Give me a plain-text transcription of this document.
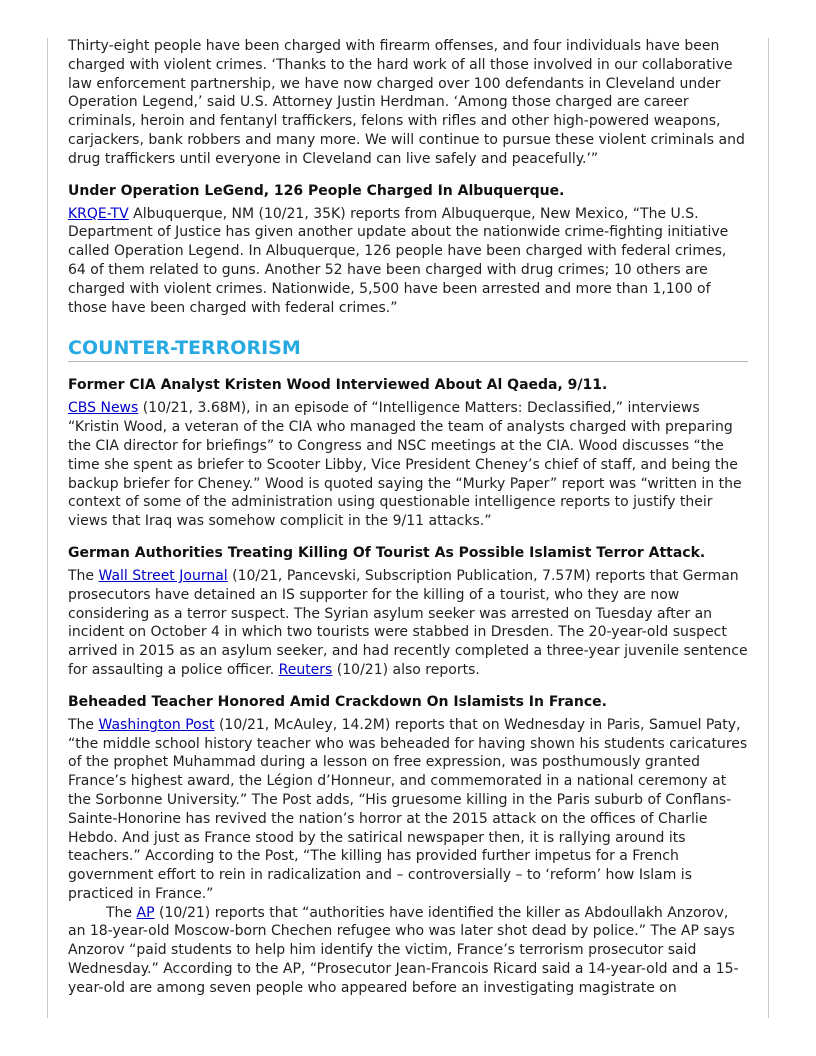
Thirty-eight people have been charged with firearm offenses, and four individuals have been charged with violent crimes. ‘Thanks to the hard work of all those involved in our collaborative law enforcement partnership, we have now charged over 100 defendants in Cleveland under Operation Legend,’ said U.S. Attorney Justin Herdman. ‘Among those charged are career criminals, heroin and fentanyl traffickers, felons with rifles and other high-powered weapons, carjackers, bank robbers and many more. We will continue to pursue these violent criminals and drug traffickers until everyone in Cleveland can live safely and peacefully.’”

Under Operation LeGend, 126 People Charged In Albuquerque.

KRQE-TV Albuquerque, NM (10/21, 35K) reports from Albuquerque, New Mexico, “The U.S. Department of Justice has given another update about the nationwide crime-fighting initiative called Operation Legend. In Albuquerque, 126 people have been charged with federal crimes, 64 of them related to guns. Another 52 have been charged with drug crimes; 10 others are charged with violent crimes. Nationwide, 5,500 have been arrested and more than 1,100 of those have been charged with federal crimes.”

COUNTER-TERRORISM
Former CIA Analyst Kristen Wood Interviewed About Al Qaeda, 9/11.

CBS News (10/21, 3.68M), in an episode of “Intelligence Matters: Declassified,” interviews “Kristin Wood, a veteran of the CIA who managed the team of analysts charged with preparing the CIA director for briefings” to Congress and NSC meetings at the CIA. Wood discusses “the time she spent as briefer to Scooter Libby, Vice President Cheney’s chief of staff, and being the backup briefer for Cheney.” Wood is quoted saying the “Murky Paper” report was “written in the context of some of the administration using questionable intelligence reports to justify their views that Iraq was somehow complicit in the 9/11 attacks.”

German Authorities Treating Killing Of Tourist As Possible Islamist Terror Attack.

The Wall Street Journal (10/21, Pancevski, Subscription Publication, 7.57M) reports that German prosecutors have detained an IS supporter for the killing of a tourist, who they are now considering as a terror suspect. The Syrian asylum seeker was arrested on Tuesday after an incident on October 4 in which two tourists were stabbed in Dresden. The 20-year-old suspect arrived in 2015 as an asylum seeker, and had recently completed a three-year juvenile sentence for assaulting a police officer. Reuters (10/21) also reports.

Beheaded Teacher Honored Amid Crackdown On Islamists In France.

The Washington Post (10/21, McAuley, 14.2M) reports that on Wednesday in Paris, Samuel Paty, “the middle school history teacher who was beheaded for having shown his students caricatures of the prophet Muhammad during a lesson on free expression, was posthumously granted France’s highest award, the Légion d’Honneur, and commemorated in a national ceremony at the Sorbonne University.” The Post adds, “His gruesome killing in the Paris suburb of Conflans-Sainte-Honorine has revived the nation’s horror at the 2015 attack on the offices of Charlie Hebdo. And just as France stood by the satirical newspaper then, it is rallying around its teachers.” According to the Post, “The killing has provided further impetus for a French government effort to rein in radicalization and – controversially – to ‘reform’ how Islam is practiced in France.”

The AP (10/21) reports that “authorities have identified the killer as Abdoullakh Anzorov, an 18-year-old Moscow-born Chechen refugee who was later shot dead by police.” The AP says Anzorov “paid students to help him identify the victim, France’s terrorism prosecutor said Wednesday.” According to the AP, “Prosecutor Jean-Francois Ricard said a 14-year-old and a 15-year-old are among seven people who appeared before an investigating magistrate on
